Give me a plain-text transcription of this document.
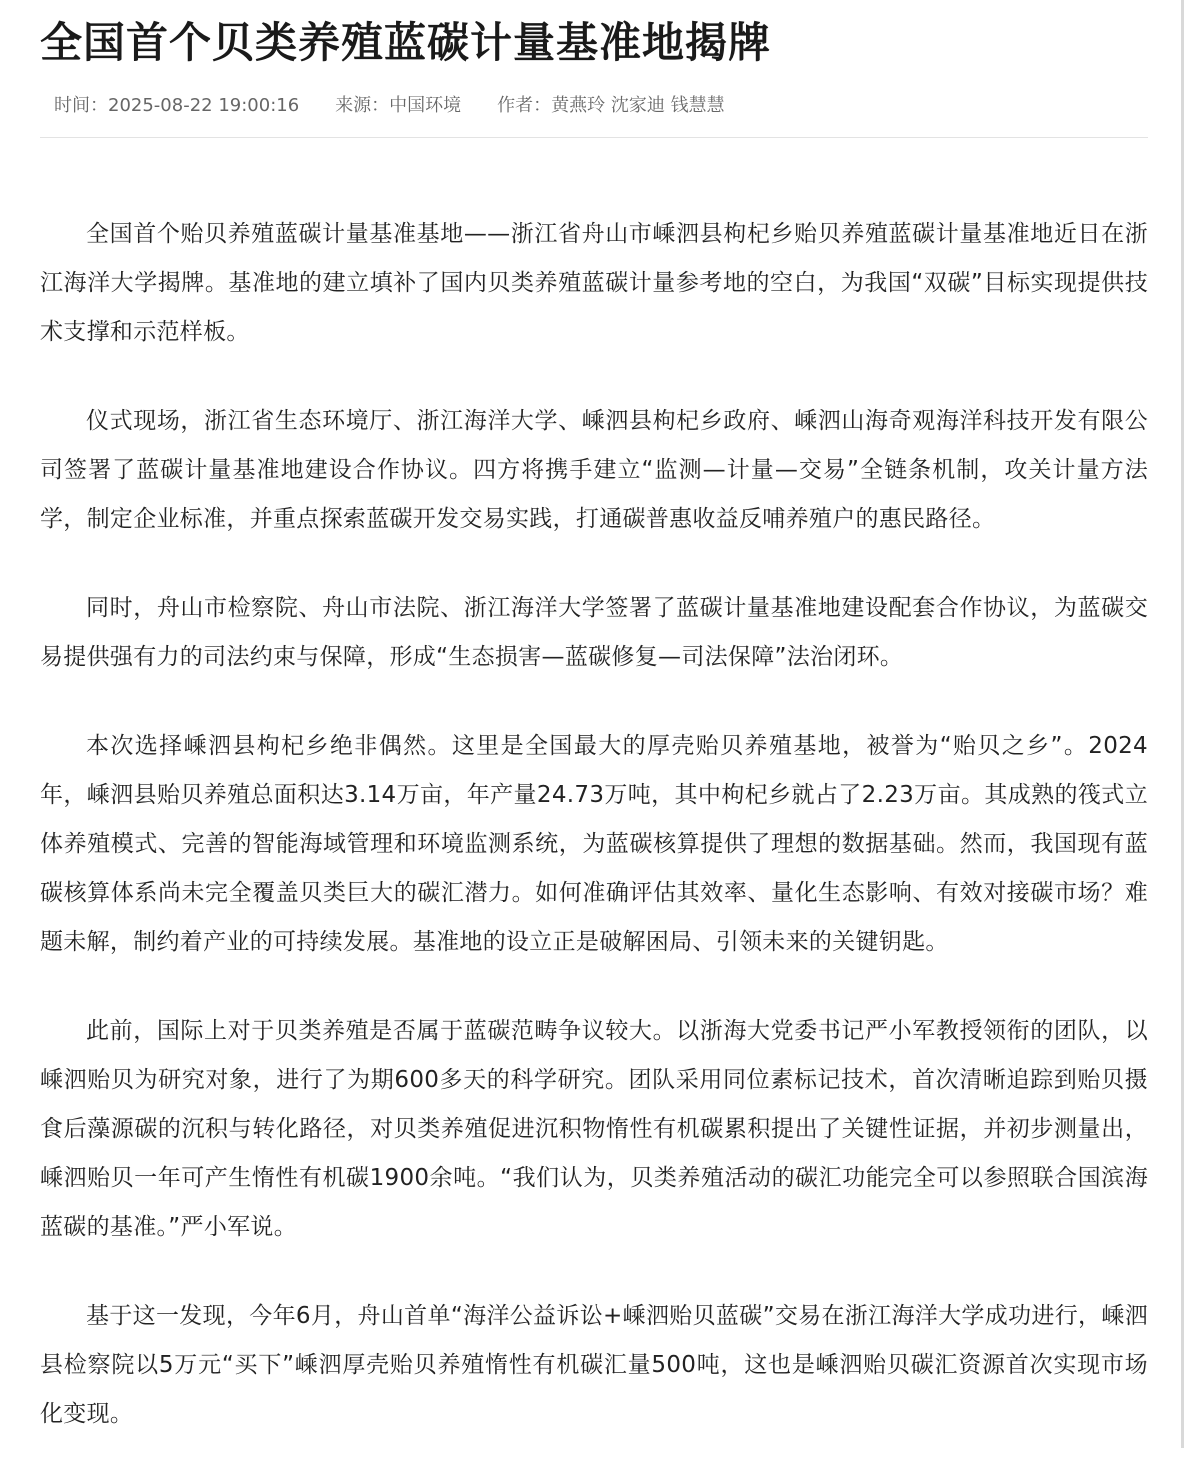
全国首个贝类养殖蓝碳计量基准地揭牌
时间：2025-08-22 19:00:16 来源：中国环境 作者：黄燕玲 沈家迪 钱慧慧

全国首个贻贝养殖蓝碳计量基准基地——浙江省舟山市嵊泗县枸杞乡贻贝养殖蓝碳计量基准地近日在浙江海洋大学揭牌。基准地的建立填补了国内贝类养殖蓝碳计量参考地的空白，为我国“双碳”目标实现提供技术支撑和示范样板。

仪式现场，浙江省生态环境厅、浙江海洋大学、嵊泗县枸杞乡政府、嵊泗山海奇观海洋科技开发有限公司签署了蓝碳计量基准地建设合作协议。四方将携手建立“监测—计量—交易”全链条机制，攻关计量方法学，制定企业标准，并重点探索蓝碳开发交易实践，打通碳普惠收益反哺养殖户的惠民路径。

同时，舟山市检察院、舟山市法院、浙江海洋大学签署了蓝碳计量基准地建设配套合作协议，为蓝碳交易提供强有力的司法约束与保障，形成“生态损害—蓝碳修复—司法保障”法治闭环。

本次选择嵊泗县枸杞乡绝非偶然。这里是全国最大的厚壳贻贝养殖基地，被誉为“贻贝之乡”。2024年，嵊泗县贻贝养殖总面积达3.14万亩，年产量24.73万吨，其中枸杞乡就占了2.23万亩。其成熟的筏式立体养殖模式、完善的智能海域管理和环境监测系统，为蓝碳核算提供了理想的数据基础。然而，我国现有蓝碳核算体系尚未完全覆盖贝类巨大的碳汇潜力。如何准确评估其效率、量化生态影响、有效对接碳市场？难题未解，制约着产业的可持续发展。基准地的设立正是破解困局、引领未来的关键钥匙。

此前，国际上对于贝类养殖是否属于蓝碳范畴争议较大。以浙海大党委书记严小军教授领衔的团队，以嵊泗贻贝为研究对象，进行了为期600多天的科学研究。团队采用同位素标记技术，首次清晰追踪到贻贝摄食后藻源碳的沉积与转化路径，对贝类养殖促进沉积物惰性有机碳累积提出了关键性证据，并初步测量出，嵊泗贻贝一年可产生惰性有机碳1900余吨。“我们认为，贝类养殖活动的碳汇功能完全可以参照联合国滨海蓝碳的基准。”严小军说。

基于这一发现，今年6月，舟山首单“海洋公益诉讼+嵊泗贻贝蓝碳”交易在浙江海洋大学成功进行，嵊泗县检察院以5万元“买下”嵊泗厚壳贻贝养殖惰性有机碳汇量500吨，这也是嵊泗贻贝碳汇资源首次实现市场化变现。
